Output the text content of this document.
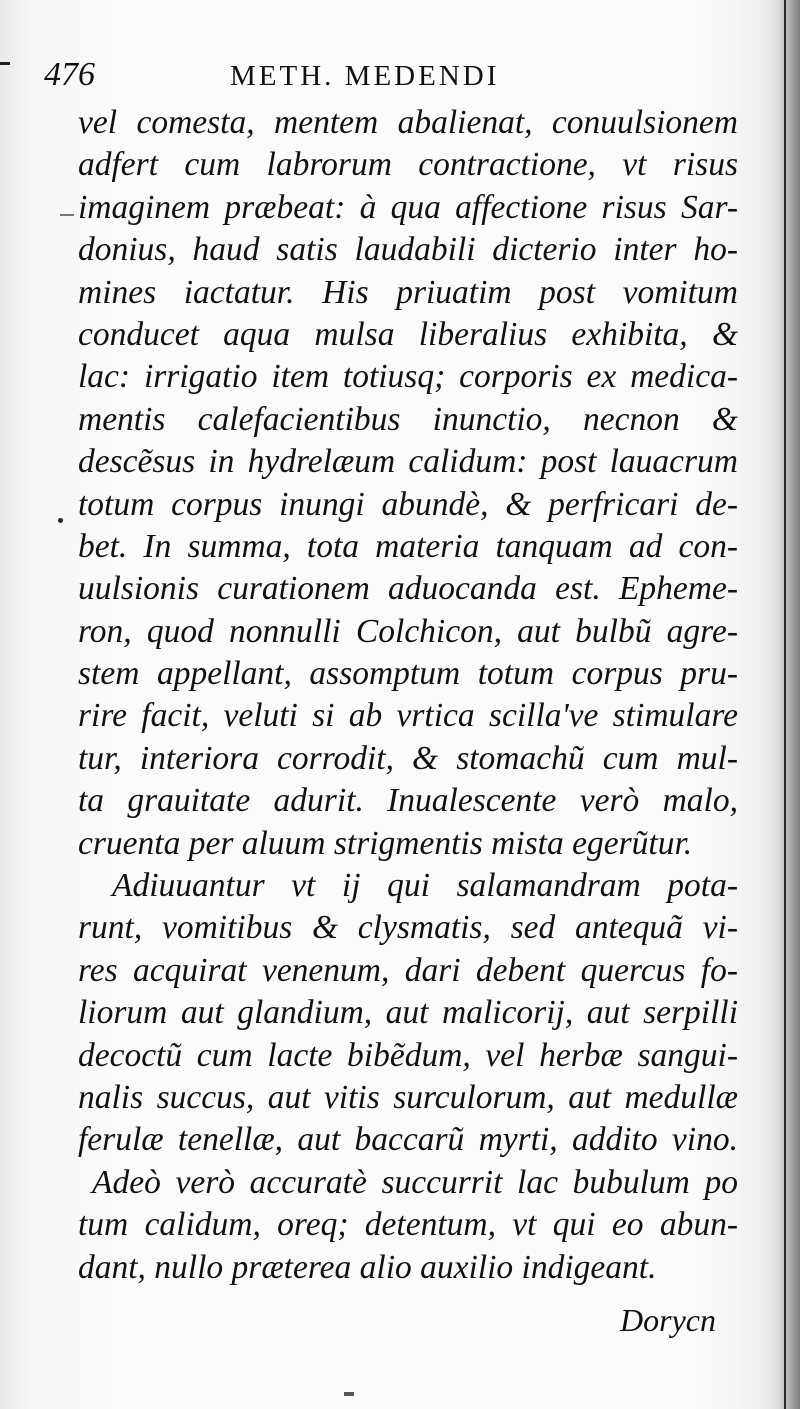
476	METH. MEDENDI
vel comesta, mentem abalienat, conuulsionem
adfert cum labrorum contractione, vt risus
imaginem præbeat: à qua affectione risus Sar-
donius, haud satis laudabili dicterio inter ho-
mines iactatur. His priuatim post vomitum
conducet aqua mulsa liberalius exhibita, &
lac: irrigatio item totiusq; corporis ex medica-
mentis calefacientibus inunctio, necnon &
descẽsus in hydrelæum calidum: post lauacrum
totum corpus inungi abundè, & perfricari de-
bet. In summa, tota materia tanquam ad con-
uulsionis curationem aduocanda est. Epheme-
ron, quod nonnulli Colchicon, aut bulbũ agre-
stem appellant, assomptum totum corpus pru-
rire facit, veluti si ab vrtica scilla've stimulare
tur, interiora corrodit, & stomachũ cum mul-
ta grauitate adurit. Inualescente verò malo,
cruenta per aluum strigmentis mista egerũtur.
Adiuuantur vt ij qui salamandram pota-
runt, vomitibus & clysmatis, sed antequã vi-
res acquirat venenum, dari debent quercus fo-
liorum aut glandium, aut malicorij, aut serpilli
decoctũ cum lacte bibẽdum, vel herbæ sangui-
nalis succus, aut vitis surculorum, aut medullæ
ferulæ tenellæ, aut baccarũ myrti, addito vino.
Adeò verò accuratè succurrit lac bubulum po
tum calidum, oreq; detentum, vt qui eo abun-
dant, nullo præterea alio auxilio indigeant.
Dorycn
